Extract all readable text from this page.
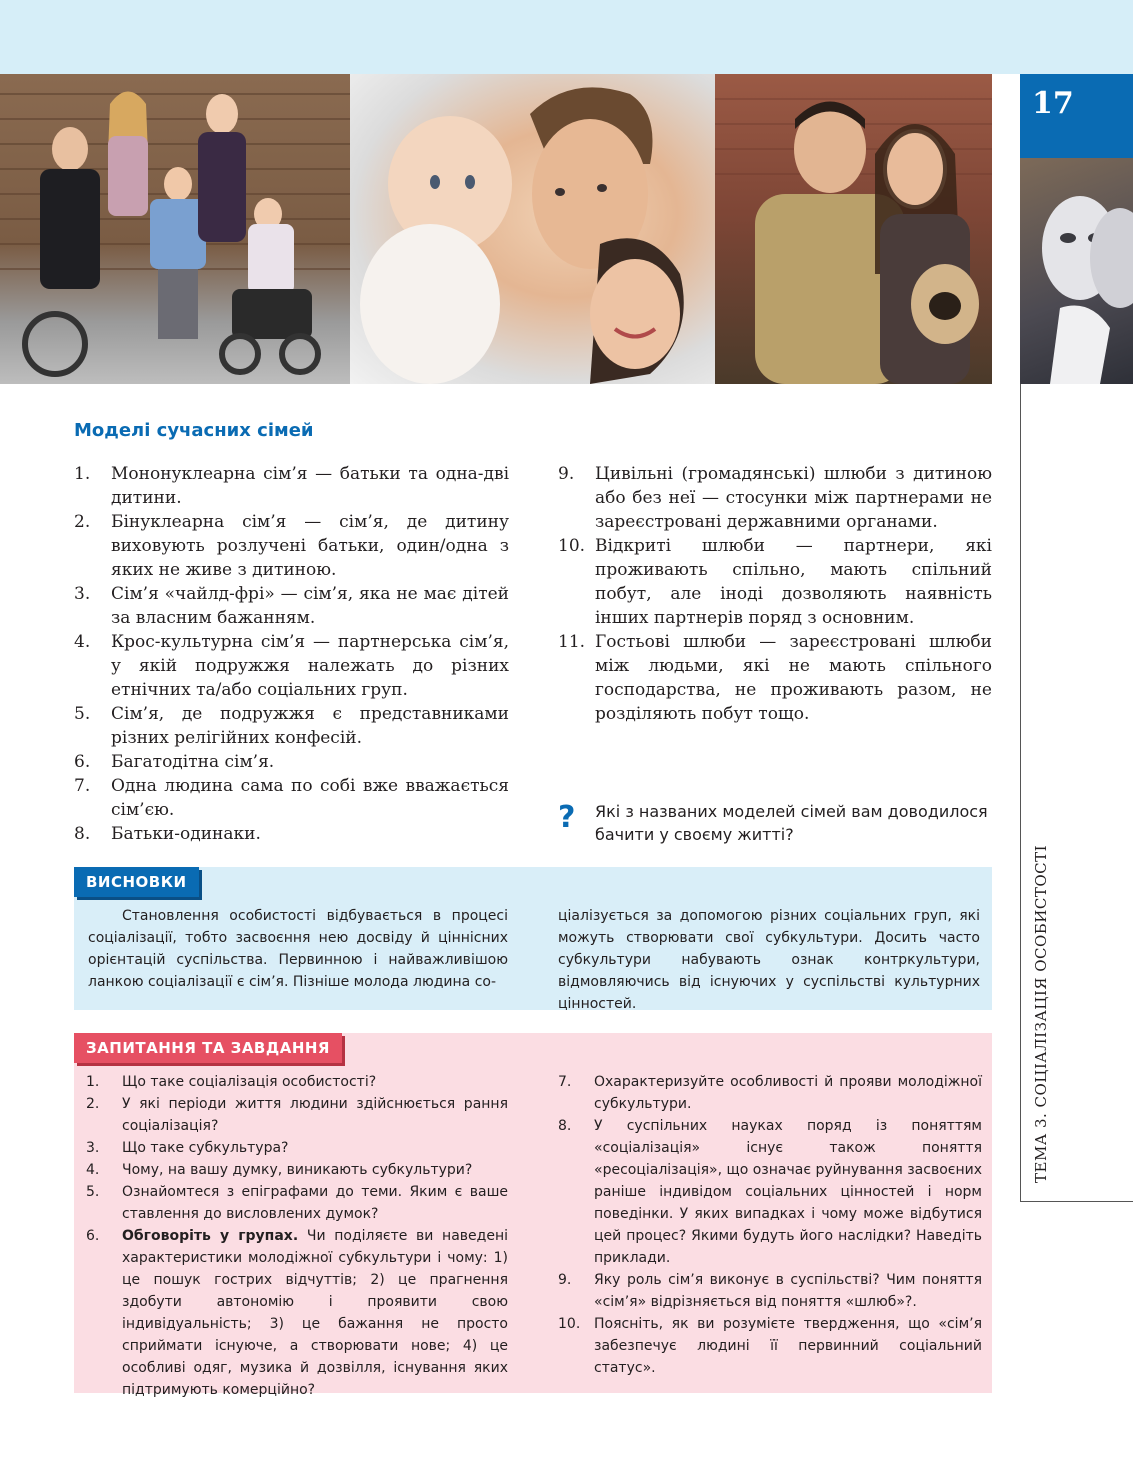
17
ТЕМА 3. СОЦІАЛІЗАЦІЯ ОСОБИСТОСТІ
Моделі сучасних сімей
1.	Мононуклеарна сім’я — батьки та одна-дві дитини.
2.	Бінуклеарна сім’я — сім’я, де дитину виховують розлучені батьки, один/одна з яких не живе з дитиною.
3.	Сім’я «чайлд-фрі» — сім’я, яка не має дітей за власним бажанням.
4.	Крос-культурна сім’я — партнерська сім’я, у якій подружжя належать до різних етнічних та/або соціальних груп.
5.	Сім’я, де подружжя є представниками різних релігійних конфесій.
6.	Багатодітна сім’я.
7.	Одна людина сама по собі вже вважається сім’єю.
8.	Батьки-одинаки.
9.	Цивільні (громадянські) шлюби з дитиною або без неї — стосунки між партнерами не зареєстровані державними органами.
10. Відкриті шлюби — партнери, які проживають спільно, мають спільний побут, але іноді дозволяють наявність інших партнерів поряд з основним.
11. Гостьові шлюби — зареєстровані шлюби між людьми, які не мають спільного господарства, не проживають разом, не розділяють побут тощо.
? Які з названих моделей сімей вам доводилося бачити у своєму житті?

ВИСНОВКИ

Становлення особистості відбувається в процесі соціалізації, тобто засвоєння нею досвіду й ціннісних орієнтацій суспільства. Первинною і найважливішою ланкою соціалізації є сім’я. Пізніше молода людина со-

ціалізується за допомогою різних соціальних груп, які можуть створювати свої субкультури. Досить часто субкультури набувають ознак контркультури, відмовляючись від існуючих у суспільстві культурних цінностей.

ЗАПИТАННЯ ТА ЗАВДАННЯ
1.	Що таке соціалізація особистості?
2.	У які періоди життя людини здійснюється рання соціалізація?
3.	Що таке субкультура?
4.	Чому, на вашу думку, виникають субкультури?
5.	Ознайомтеся з епіграфами до теми. Яким є ваше ставлення до висловлених думок?
6.	Обговоріть у групах. Чи поділяєте ви наведені характеристики молодіжної субкультури і чому: 1) це пошук гострих відчуттів; 2) це прагнення здобути автономію і проявити свою індивідуальність; 3) це бажання не просто сприймати існуюче, а створювати нове; 4) це особливі одяг, музика й дозвілля, існування яких підтримують комерційно?
7.	Охарактеризуйте особливості й прояви молодіжної субкультури.
8.	У суспільних науках поряд із поняттям «соціалізація» існує також поняття «ресоціалізація», що означає руйнування засвоєних раніше індивідом соціальних цінностей і норм поведінки. У яких випадках і чому може відбутися цей процес? Якими будуть його наслідки? Наведіть приклади.
9.	Яку роль сім’я виконує в суспільстві? Чим поняття «сім’я» відрізняється від поняття «шлюб»?.
10. Поясніть, як ви розумієте твердження, що «сім’я забезпечує людині її первинний соціальний статус».
